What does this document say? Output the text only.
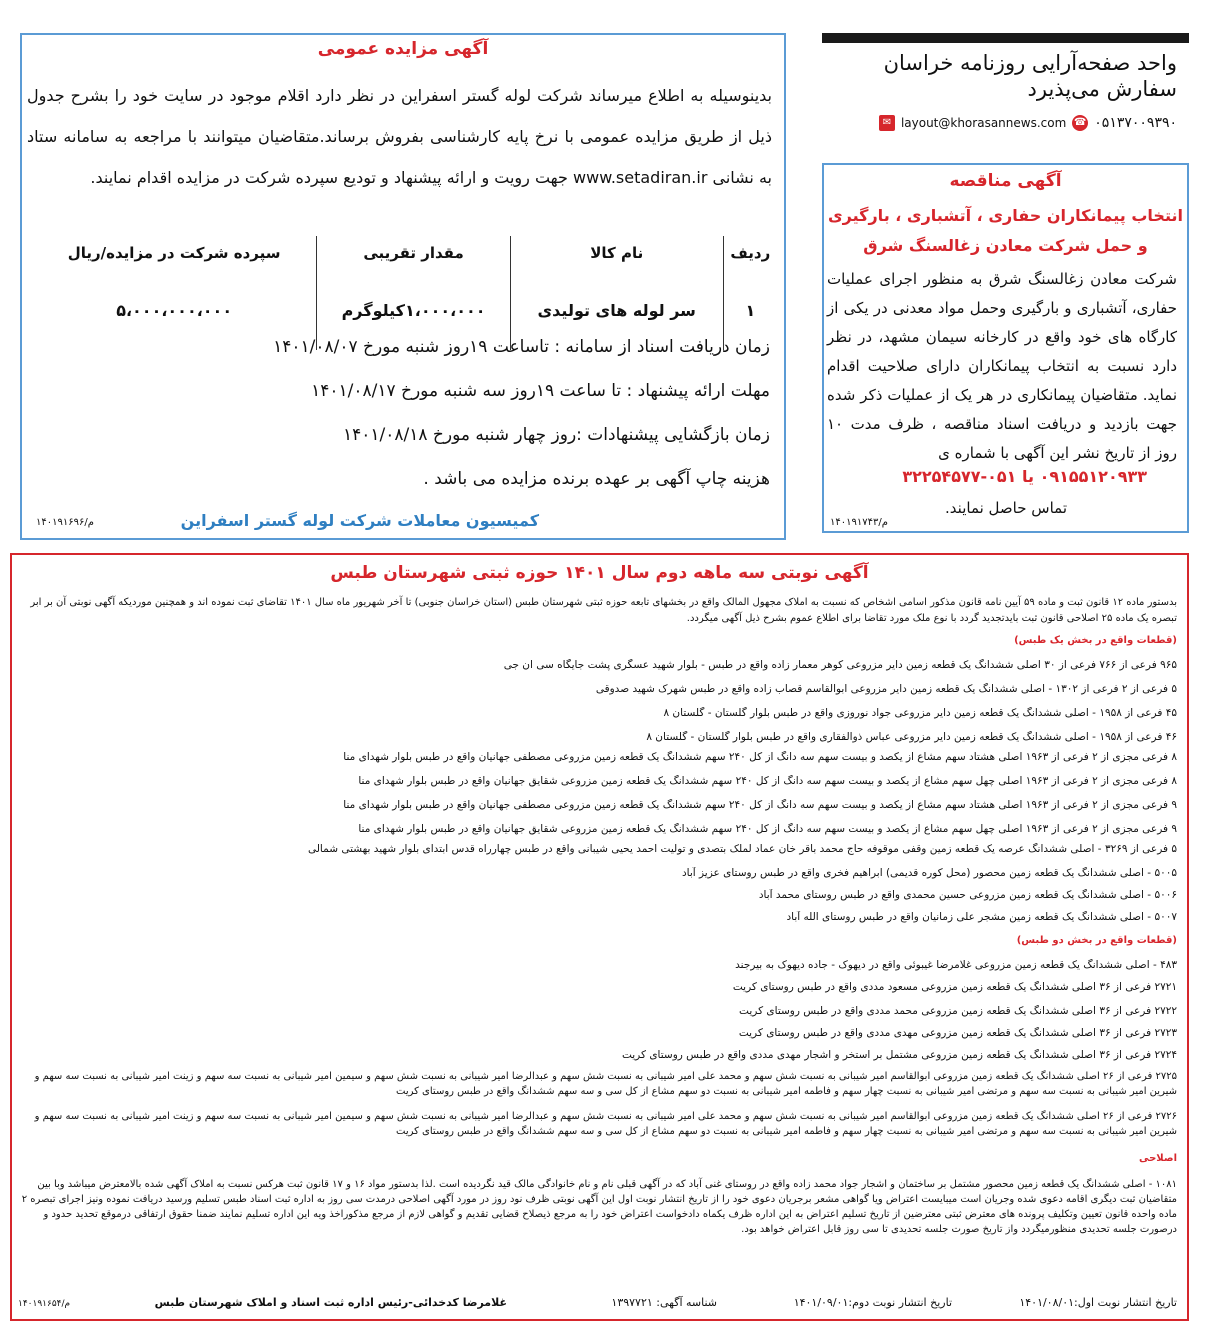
آگهی مزایده عمومی
بدینوسیله به اطلاع میرساند شرکت لوله گستر اسفراین در نظر دارد اقلام موجود در سایت خود را بشرح جدول ذیل از طریق مزایده عمومی با نرخ پایه کارشناسی بفروش برساند.متقاضیان میتوانند با مراجعه به سامانه ستاد به نشانی www.setadiran.ir جهت رویت و ارائه پیشنهاد و تودیع سپرده شرکت در مزایده اقدام نمایند.
ردیف	نام کالا	مقدار تقریبی	سپرده شرکت در مزایده/ریال
۱	سر لوله های تولیدی	۱،۰۰۰،۰۰۰کیلوگرم	۵،۰۰۰،۰۰۰،۰۰۰
زمان دریافت اسناد از سامانه : تاساعت ۱۹روز شنبه مورخ ۱۴۰۱/۰۸/۰۷
مهلت ارائه پیشنهاد : تا ساعت ۱۹روز سه شنبه مورخ ۱۴۰۱/۰۸/۱۷
زمان بازگشایی پیشنهادات :روز چهار شنبه مورخ ۱۴۰۱/۰۸/۱۸
هزینه چاپ آگهی بر عهده برنده مزایده می باشد .
کمیسیون معاملات شرکت لوله گستر اسفراین
۱۴۰۱۹۱۶۹۶/م
واحد صفحه‌آرایی روزنامه خراسان
سفارش می‌پذیرد
✉ layout@khorasannews.com ☎ ۰۵۱۳۷۰۰۹۳۹۰
آگهی مناقصه
انتخاب پیمانکاران حفاری ، آتشباری ، بارگیری و حمل شرکت معادن زغالسنگ شرق
شرکت معادن زغالسنگ شرق به منظور اجرای عملیات حفاری، آتشباری و بارگیری وحمل مواد معدنی در یکی از کارگاه های خود واقع در کارخانه سیمان مشهد، در نظر دارد نسبت به انتخاب پیمانکاران دارای صلاحیت اقدام نماید. متقاضیان پیمانکاری در هر یک از عملیات ذکر شده جهت بازدید و دریافت اسناد مناقصه ، ظرف مدت ۱۰ روز از تاریخ نشر این آگهی با شماره ی
۰۹۱۵۵۱۲۰۹۳۳ یا ۰۵۱-۳۲۲۵۴۵۷۷
تماس حاصل نمایند.
۱۴۰۱۹۱۷۴۳/م
آگهی نوبتی سه ماهه دوم سال ۱۴۰۱ حوزه ثبتی شهرستان طبس
بدستور ماده ۱۲ قانون ثبت و ماده ۵۹ آیین نامه قانون مذکور اسامی اشخاص که نسبت به املاک مجهول المالک واقع در بخشهای تابعه حوزه ثبتی شهرستان طبس (استان خراسان جنوبی) تا آخر شهریور ماه سال ۱۴۰۱ تقاضای ثبت نموده اند و همچنین موردیکه آگهی نوبتی آن بر ابر تبصره یک ماده ۲۵ اصلاحی قانون ثبت بایدتجدید گردد با نوع ملک مورد تقاضا برای اطلاع عموم بشرح ذیل آگهی میگردد.
(قطعات واقع در بخش یک طبس)
۹۶۵ فرعی از ۷۶۶ فرعی از ۳۰ اصلی ششدانگ یک قطعه زمین دایر مزروعی کوهر معمار زاده واقع در طبس - بلوار شهید عسگری پشت جایگاه سی ان جی
۵ فرعی از ۲ فرعی از ۱۳۰۲ - اصلی ششدانگ یک قطعه زمین دایر مزروعی ابوالقاسم قصاب زاده واقع در طبس شهرک شهید صدوقی
۴۵ فرعی از ۱۹۵۸ - اصلی ششدانگ یک قطعه زمین دایر مزروعی جواد نوروزی واقع در طبس بلوار گلستان - گلستان ۸
۴۶ فرعی از ۱۹۵۸ - اصلی ششدانگ یک قطعه زمین دایر مزروعی عباس ذوالفقاری واقع در طبس بلوار گلستان - گلستان ۸
۸ فرعی مجزی از ۲ فرعی از ۱۹۶۳ اصلی هشتاد سهم مشاع از یکصد و بیست سهم سه دانگ از کل ۲۴۰ سهم ششدانگ یک قطعه زمین مزروعی مصطفی جهانیان واقع در طبس بلوار شهدای منا
۸ فرعی مجزی از ۲ فرعی از ۱۹۶۳ اصلی چهل سهم مشاع از یکصد و بیست سهم سه دانگ از کل ۲۴۰ سهم ششدانگ یک قطعه زمین مزروعی شقایق جهانیان واقع در طبس بلوار شهدای منا
۹ فرعی مجزی از ۲ فرعی از ۱۹۶۳ اصلی هشتاد سهم مشاع از یکصد و بیست سهم سه دانگ از کل ۲۴۰ سهم ششدانگ یک قطعه زمین مزروعی مصطفی جهانیان واقع در طبس بلوار شهدای منا
۹ فرعی مجزی از ۲ فرعی از ۱۹۶۳ اصلی چهل سهم مشاع از یکصد و بیست سهم سه دانگ از کل ۲۴۰ سهم ششدانگ یک قطعه زمین مزروعی شقایق جهانیان واقع در طبس بلوار شهدای منا
۵ فرعی از ۳۲۶۹ - اصلی ششدانگ عرصه یک قطعه زمین وقفی موقوفه حاج محمد باقر خان عماد لملک بتصدی و تولیت احمد یحیی شیبانی واقع در طبس چهارراه قدس ابتدای بلوار شهید بهشتی شمالی
۵۰۰۵ - اصلی ششدانگ یک قطعه زمین محصور (محل کوره قدیمی) ابراهیم فخری واقع در طبس روستای عزیز آباد
۵۰۰۶ - اصلی ششدانگ یک قطعه زمین مزروعی حسین محمدی واقع در طبس روستای محمد آباد
۵۰۰۷ - اصلی ششدانگ یک قطعه زمین مشجر علی زمانیان واقع در طبس روستای الله آباد
(قطعات واقع در بخش دو طبس)
۴۸۳ - اصلی ششدانگ یک قطعه زمین مزروعی غلامرضا غیبوئی واقع در دیهوک - جاده دیهوک به بیرجند
۲۷۲۱ فرعی از ۳۶ اصلی ششدانگ یک قطعه زمین مزروعی مسعود مددی واقع در طبس روستای کریت
۲۷۲۲ فرعی از ۳۶ اصلی ششدانگ یک قطعه زمین مزروعی محمد مددی واقع در طبس روستای کریت
۲۷۲۳ فرعی از ۳۶ اصلی ششدانگ یک قطعه زمین مزروعی مهدی مددی واقع در طبس روستای کریت
۲۷۲۴ فرعی از ۳۶ اصلی ششدانگ یک قطعه زمین مزروعی مشتمل بر استخر و اشجار مهدی مددی واقع در طبس روستای کریت
۲۷۲۵ فرعی از ۲۶ اصلی ششدانگ یک قطعه زمین مزروعی ابوالقاسم امیر شیبانی به نسبت شش سهم و محمد علی امیر شیبانی به نسبت شش سهم و عبدالرضا امیر شیبانی به نسبت شش سهم و سیمین امیر شیبانی به نسبت سه سهم و زینت امیر شیبانی به نسبت سه سهم و شیرین امیر شیبانی به نسبت سه سهم و مرتضی امیر شیبانی به نسبت چهار سهم و فاطمه امیر شیبانی به نسبت دو سهم مشاع از کل سی و سه سهم ششدانگ واقع در طبس روستای کریت
۲۷۲۶ فرعی از ۲۶ اصلی ششدانگ یک قطعه زمین مزروعی ابوالقاسم امیر شیبانی به نسبت شش سهم و محمد علی امیر شیبانی به نسبت شش سهم و عبدالرضا امیر شیبانی به نسبت شش سهم و سیمین امیر شیبانی به نسبت سه سهم و زینت امیر شیبانی به نسبت سه سهم و شیرین امیر شیبانی به نسبت سه سهم و مرتضی امیر شیبانی به نسبت چهار سهم و فاطمه امیر شیبانی به نسبت دو سهم مشاع از کل سی و سه سهم ششدانگ واقع در طبس روستای کریت
اصلاحی
۱۰۸۱ - اصلی ششدانگ یک قطعه زمین محصور مشتمل بر ساختمان و اشجار جواد محمد زاده واقع در روستای غنی آباد که در آگهی قبلی نام و نام خانوادگی مالک قید نگردیده است .لذا بدستور مواد ۱۶ و ۱۷ قانون ثبت هرکس نسبت به املاک آگهی شده بالامعترض میباشد وبا بین متقاضیان ثبت دیگری اقامه دعوی شده وجریان است میبایست اعتراض ویا گواهی مشعر برجریان دعوی خود را از تاریخ انتشار نوبت اول این آگهی نوبتی ظرف نود روز در مورد آگهی اصلاحی درمدت سی روز به اداره ثبت اسناد طبس تسلیم ورسید دریافت نموده ونیز اجرای تبصره ۲ ماده واحده قانون تعیین وتکلیف پرونده های معترض ثبتی معترضین از تاریخ تسلیم اعتراض به این اداره ظرف یکماه دادخواست اعتراض خود را به مرجع ذیصلاح قضایی تقدیم و گواهی لازم از مرجع مذکوراخذ ویه این اداره تسلیم نمایند ضمنا حقوق ارتفاقی درموقع تحدید حدود و درصورت جلسه تحدیدی منظورمیگردد واز تاریخ صورت جلسه تحدیدی تا سی روز قابل اعتراض خواهد بود.
تاریخ انتشار نوبت اول:۱۴۰۱/۰۸/۰۱
تاریخ انتشار نوبت دوم:۱۴۰۱/۰۹/۰۱
شناسه آگهی: ۱۳۹۷۷۲۱
غلامرضا کدخدائی-رئیس اداره ثبت اسناد و املاک شهرستان طبس
۱۴۰۱۹۱۶۵۴/م
